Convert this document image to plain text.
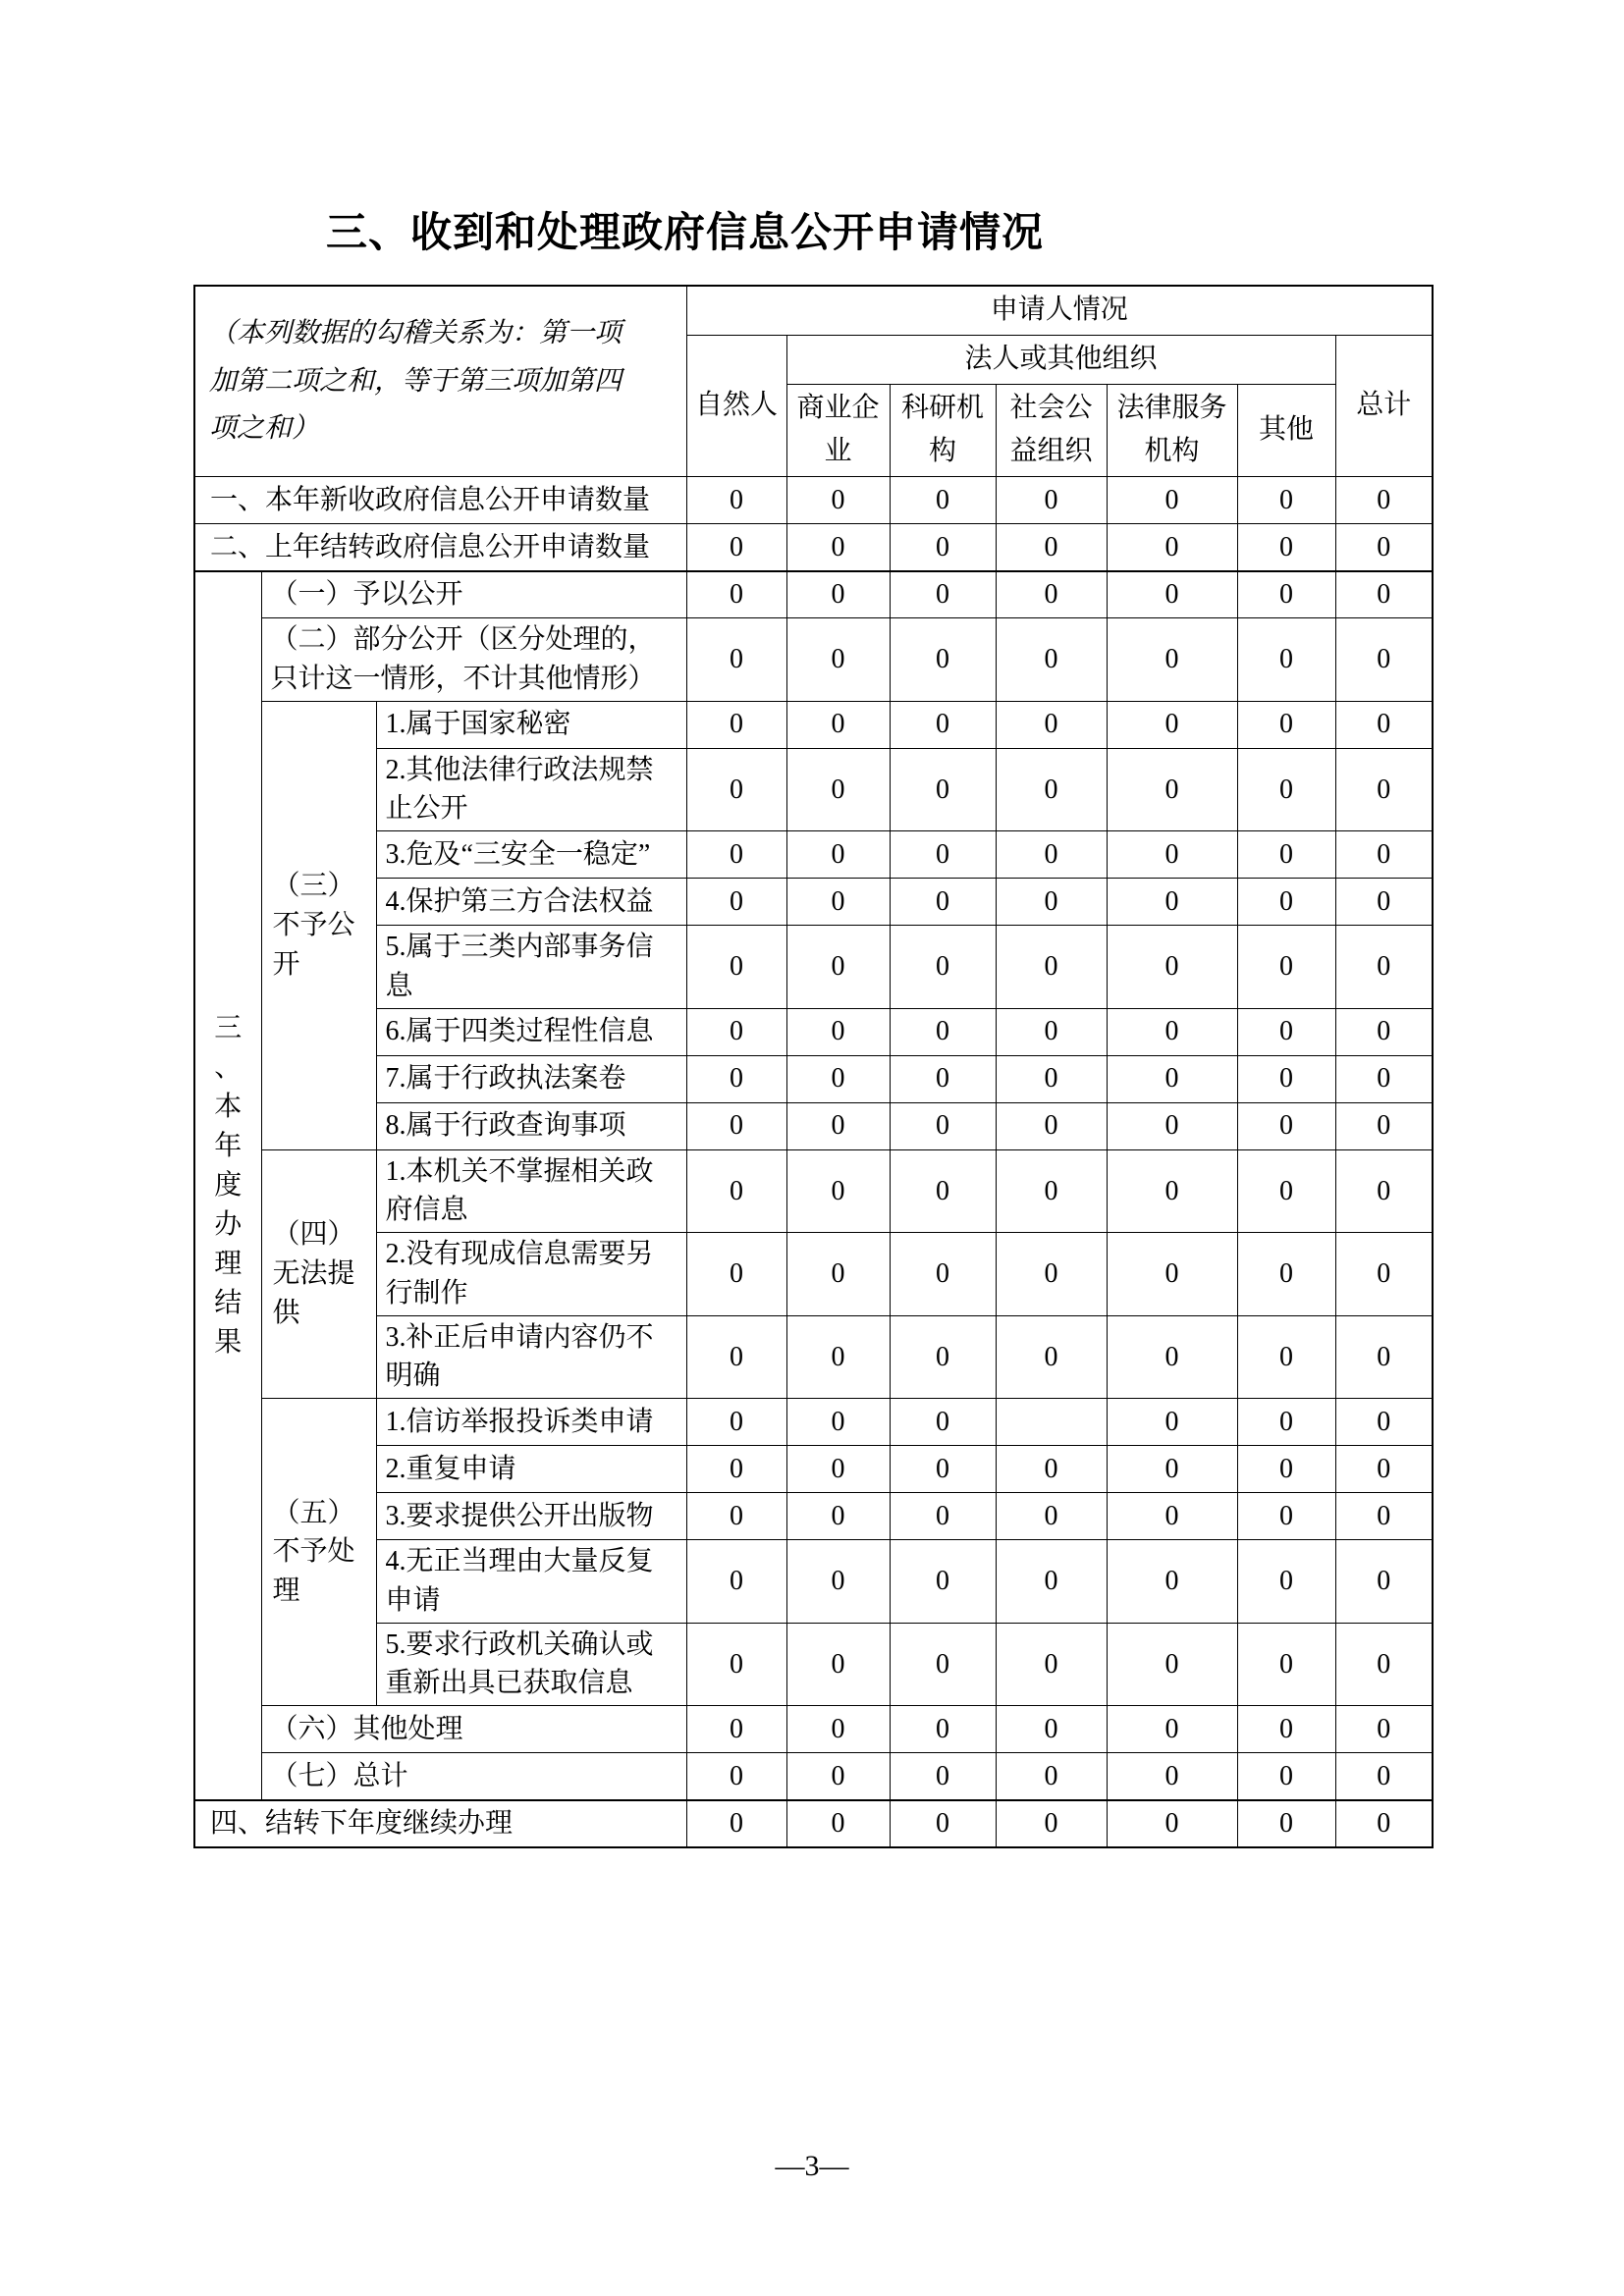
三、收到和处理政府信息公开申请情况
（本列数据的勾稽关系为：第一项加第二项之和，等于第三项加第四项之和）			申请人情况						
			自然人	法人或其他组织					总计
				商业企业	科研机构	社会公益组织	法律服务机构	其他	
一、本年新收政府信息公开申请数量			0	0	0	0	0	0	0
二、上年结转政府信息公开申请数量			0	0	0	0	0	0	0

三
、
本
年
度
办
理
结
果
	（一）予以公开	0	0	0	0	0	0	0
	（二）部分公开（区分处理的，只计这一情形，不计其他情形）		0	0	0	0	0	0	0
	（三）不予公开	1.属于国家秘密	0	0	0	0	0	0	0
		2.其他法律行政法规禁止公开	0	0	0	0	0	0	0
		3.危及“三安全一稳定”	0	0	0	0	0	0	0
		4.保护第三方合法权益	0	0	0	0	0	0	0
		5.属于三类内部事务信息	0	0	0	0	0	0	0
		6.属于四类过程性信息	0	0	0	0	0	0	0
		7.属于行政执法案卷	0	0	0	0	0	0	0
		8.属于行政查询事项	0	0	0	0	0	0	0
	（四）无法提供	1.本机关不掌握相关政府信息	0	0	0	0	0	0	0
		2.没有现成信息需要另行制作	0	0	0	0	0	0	0
		3.补正后申请内容仍不明确	0	0	0	0	0	0	0
	（五）不予处理	1.信访举报投诉类申请	0	0	0		0	0	0
		2.重复申请	0	0	0	0	0	0	0
		3.要求提供公开出版物	0	0	0	0	0	0	0
		4.无正当理由大量反复申请	0	0	0	0	0	0	0
		5.要求行政机关确认或重新出具已获取信息	0	0	0	0	0	0	0
	（六）其他处理		0	0	0	0	0	0	0
	（七）总计		0	0	0	0	0	0	0
四、结转下年度继续办理			0	0	0	0	0	0	0
—3—
